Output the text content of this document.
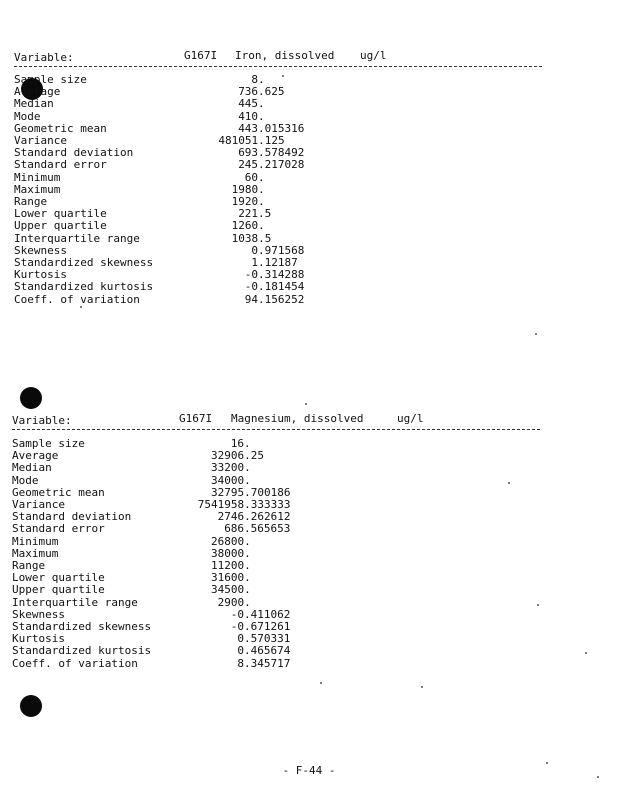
Variable:	G167I Iron, dissolved ug/l
Sample size	8.
Average	736.625
Median	445.
Mode	410.
Geometric mean	443.015316
Variance	481051.125
Standard deviation	693.578492
Standard error	245.217028
Minimum	60.
Maximum	1980.
Range	1920.
Lower quartile	221.5
Upper quartile	1260.
Interquartile range	1038.5
Skewness	0.971568
Standardized skewness	1.12187
Kurtosis	-0.314288
Standardized kurtosis	-0.181454
Coeff. of variation	94.156252
Variable:	G167I Magnesium, dissolved	ug/l
Sample size	16.
Average	32906.25
Median	33200.
Mode	34000.
Geometric mean	32795.700186
Variance	7541958.333333
Standard deviation	2746.262612
Standard error	686.565653
Minimum	26800.
Maximum	38000.
Range	11200.
Lower quartile	31600.
Upper quartile	34500.
Interquartile range	2900.
Skewness	-0.411062
Standardized skewness	-0.671261
Kurtosis	0.570331
Standardized kurtosis	0.465674
Coeff. of variation	8.345717
- F-44 -
